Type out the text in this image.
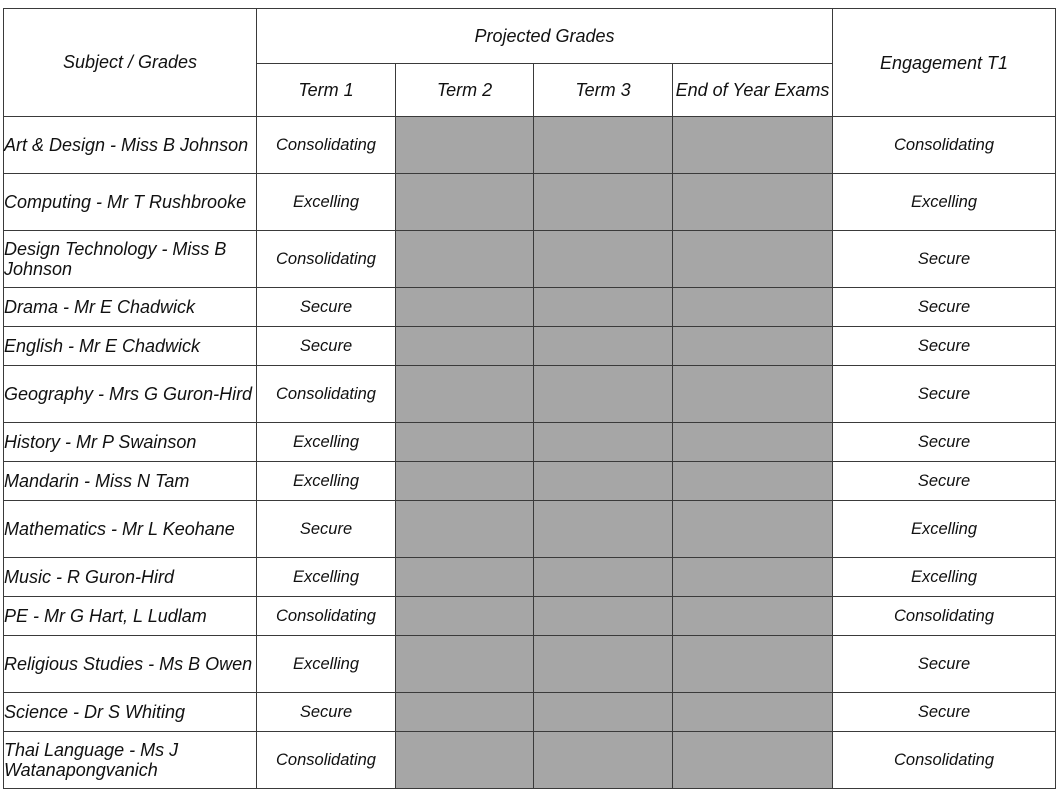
Subject / Grades	Projected Grades				Engagement T1
	Term 1	Term 2	Term 3	End of Year Exams	
Art & Design - Miss B Johnson	Consolidating				Consolidating
Computing - Mr T Rushbrooke	Excelling				Excelling
Design Technology - Miss B Johnson	Consolidating				Secure
Drama - Mr E Chadwick	Secure				Secure
English - Mr E Chadwick	Secure				Secure
Geography - Mrs G Guron-Hird	Consolidating				Secure
History - Mr P Swainson	Excelling				Secure
Mandarin - Miss N Tam	Excelling				Secure
Mathematics - Mr L Keohane	Secure				Excelling
Music - R Guron-Hird	Excelling				Excelling
PE - Mr G Hart, L Ludlam	Consolidating				Consolidating
Religious Studies - Ms B Owen	Excelling				Secure
Science - Dr S Whiting	Secure				Secure
Thai Language - Ms J Watanapongvanich	Consolidating				Consolidating
